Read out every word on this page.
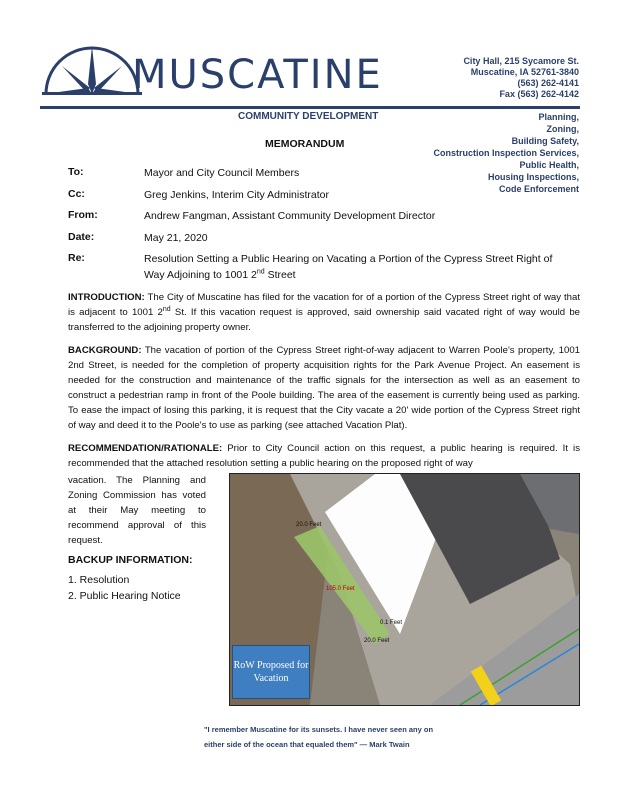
MUSCATINE	City Hall, 215 Sycamore St.
Muscatine, IA 52761-3840
(563) 262-4141
Fax (563) 262-4142
COMMUNITY DEVELOPMENT	Planning,
Zoning,
Building Safety,
Construction Inspection Services,
Public Health,
Housing Inspections,
Code Enforcement
MEMORANDUM
To:	Mayor and City Council Members
Cc:	Greg Jenkins, Interim City Administrator
From:	Andrew Fangman, Assistant Community Development Director
Date:	May 21, 2020
Re:	Resolution Setting a Public Hearing on Vacating a Portion of the Cypress Street Right of Way Adjoining to 1001 2nd Street

INTRODUCTION: The City of Muscatine has filed for the vacation for of a portion of the Cypress Street right of way that is adjacent to 1001 2nd St. If this vacation request is approved, said ownership said vacated right of way would be transferred to the adjoining property owner.

BACKGROUND: The vacation of portion of the Cypress Street right-of-way adjacent to Warren Poole's property, 1001 2nd Street, is needed for the completion of property acquisition rights for the Park Avenue Project. An easement is needed for the construction and maintenance of the traffic signals for the intersection as well as an easement to construct a pedestrian ramp in front of the Poole building. The area of the easement is currently being used as parking. To ease the impact of losing this parking, it is request that the City vacate a 20' wide portion of the Cypress Street right of way and deed it to the Poole's to use as parking (see attached Vacation Plat).

RECOMMENDATION/RATIONALE: Prior to City Council action on this request, a public hearing is required. It is recommended that the attached resolution setting a public hearing on the proposed right of way

vacation. The Planning and Zoning Commission has voted at their May meeting to recommend approval of this request.
BACKUP INFORMATION:
1. Resolution
2. Public Hearing Notice
20.0 Feet
105.0 Feet
0.1 Feet
20.0 Feet
RoW Proposed for Vacation
"I remember Muscatine for its sunsets. I have never seen any on either side of the ocean that equaled them" — Mark Twain
